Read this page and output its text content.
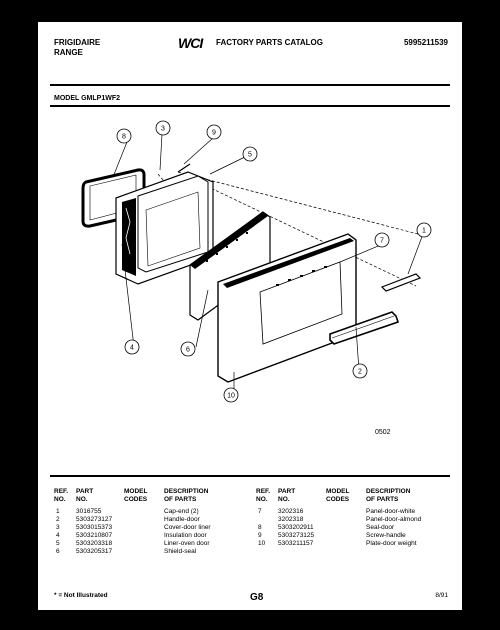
FRIGIDAIRE
RANGE
WCI FACTORY PARTS CATALOG	5995211539
MODEL GMLP1WF2
8
3
9
5
1
7
6
4
2
10
0502
REF.
NO.
PART
NO.
MODEL
CODES
DESCRIPTION
OF PARTS
1	3016755	Cap-end (2)
2	5303273127	Handle-door
3	5303015373	Cover-door liner
4	5303210807	Insulation door
5	5303203318	Liner-oven door
6	5303205317	Shield-seal
REF.
NO.
PART
NO.
MODEL
CODES
DESCRIPTION
OF PARTS
7	3202316	Panel-door-white
3202318	Panel-door-almond
8	5303202911	Seal-door
9	5303273125	Screw-handle
10 5303211157	Plate-door weight
* = Not Illustrated	G8	8/91
